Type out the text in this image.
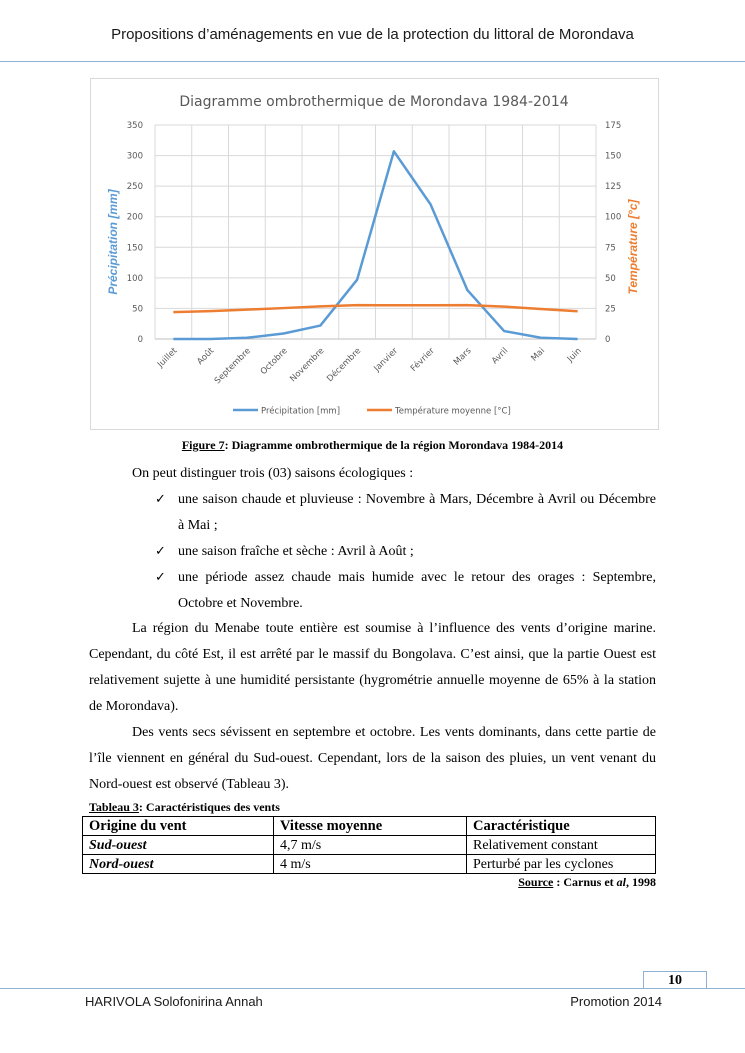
Propositions d’aménagements en vue de la protection du littoral de Morondava
Diagramme ombrothermique de Morondava 1984-2014
0
50
100
150
200
250
300
350
0
25
50
75
100
125
150
175
Juillet Août
Septembre Octobre
Novembre
Décembre Janvier Février Mars Avril Mai Juin
Précipitation [mm]	Température [°c]
Précipitation [mm]	Température moyenne [°C]
Figure 7: Diagramme ombrothermique de la région Morondava 1984-2014
On peut distinguer trois (03) saisons écologiques :
✓ une saison chaude et pluvieuse : Novembre à Mars, Décembre à Avril ou Décembre à Mai ;
✓ une saison fraîche et sèche : Avril à Août ;
✓ une période assez chaude mais humide avec le retour des orages : Septembre, Octobre et Novembre.
La région du Menabe toute entière est soumise à l’influence des vents d’origine marine. Cependant, du côté Est, il est arrêté par le massif du Bongolava. C’est ainsi, que la partie Ouest est relativement sujette à une humidité persistante (hygrométrie annuelle moyenne de 65% à la station de Morondava).
Des vents secs sévissent en septembre et octobre. Les vents dominants, dans cette partie de l’île viennent en général du Sud-ouest. Cependant, lors de la saison des pluies, un vent venant du Nord-ouest est observé (Tableau 3).
Tableau 3: Caractéristiques des vents
Origine du vent	Vitesse moyenne	Caractéristique
Sud-ouest	4,7 m/s	Relativement constant
Nord-ouest	4 m/s	Perturbé par les cyclones
Source : Carnus et al, 1998
10
HARIVOLA Solofonirina Annah	Promotion 2014
